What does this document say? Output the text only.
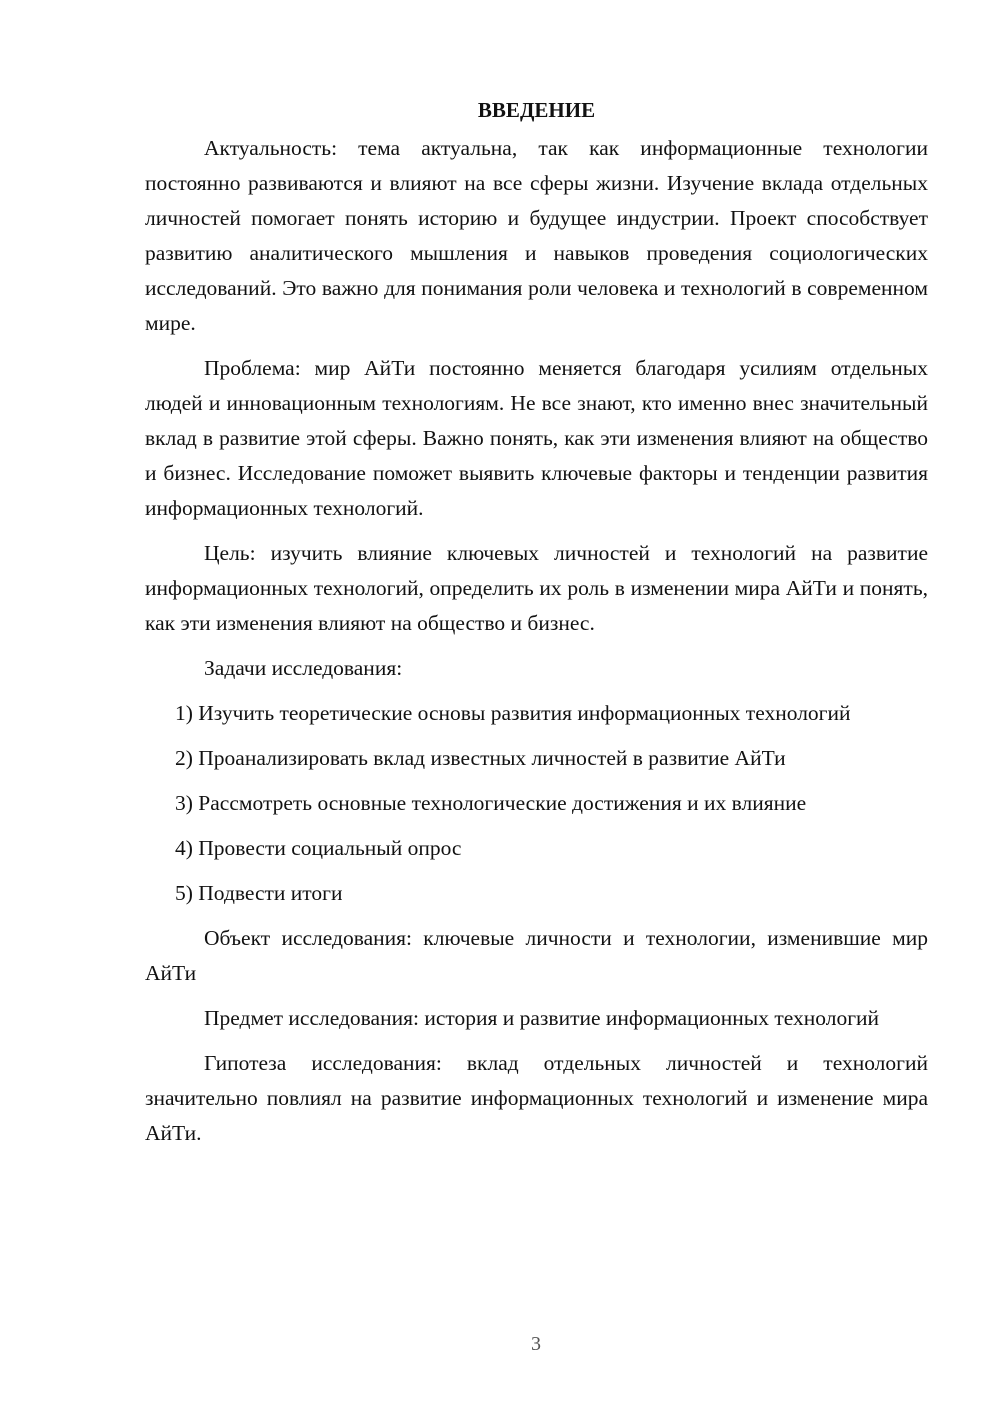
ВВЕДЕНИЕ

Актуальность: тема актуальна, так как информационные технологии постоянно развиваются и влияют на все сферы жизни. Изучение вклада отдельных личностей помогает понять историю и будущее индустрии. Проект способствует развитию аналитического мышления и навыков проведения социологических исследований. Это важно для понимания роли человека и технологий в современном мире.

Проблема: мир АйТи постоянно меняется благодаря усилиям отдельных людей и инновационным технологиям. Не все знают, кто именно внес значительный вклад в развитие этой сферы. Важно понять, как эти изменения влияют на общество и бизнес. Исследование поможет выявить ключевые факторы и тенденции развития информационных технологий.

Цель: изучить влияние ключевых личностей и технологий на развитие информационных технологий, определить их роль в изменении мира АйТи и понять, как эти изменения влияют на общество и бизнес.

Задачи исследования:

1) Изучить теоретические основы развития информационных технологий

2) Проанализировать вклад известных личностей в развитие АйТи

3) Рассмотреть основные технологические достижения и их влияние

4) Провести социальный опрос

5) Подвести итоги

Объект исследования: ключевые личности и технологии, изменившие мир АйТи

Предмет исследования: история и развитие информационных технологий

Гипотеза исследования: вклад отдельных личностей и технологий значительно повлиял на развитие информационных технологий и изменение мира АйТи.

3
